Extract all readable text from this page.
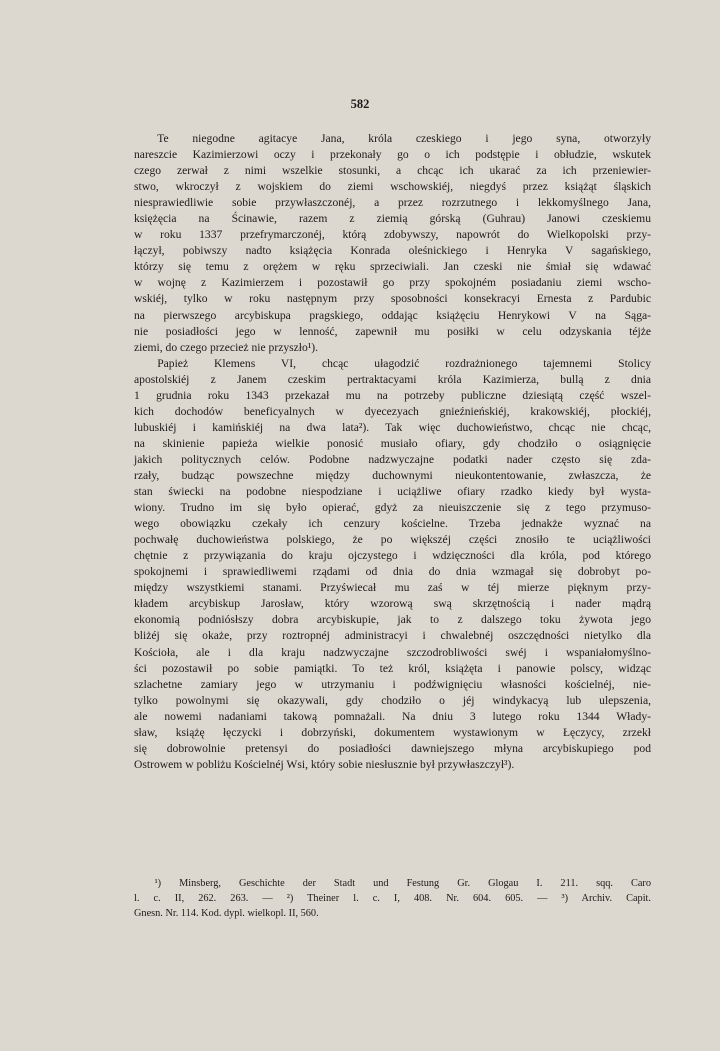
582
  Te niegodne agitacye Jana, króla czeskiego i jego syna, otworzyły
nareszcie Kazimierzowi oczy i przekonały go o ich podstępie i obłudzie, wskutek
czego zerwał z nimi wszelkie stosunki, a chcąc ich ukarać za ich przeniewier-
stwo, wkroczył z wojskiem do ziemi wschowskiéj, niegdyś przez książąt śląskich
niesprawiedliwie sobie przywłaszczonéj, a przez rozrzutnego i lekkomyślnego Jana,
księżęcia na Ścinawie, razem z ziemią górską (Guhrau) Janowi czeskiemu
w roku 1337 przefrymarczonéj, którą zdobywszy, napowrót do Wielkopolski przy-
łączył, pobiwszy nadto książęcia Konrada oleśnickiego i Henryka V sagańskiego,
którzy się temu z orężem w ręku sprzeciwiali. Jan czeski nie śmiał się wdawać
w wojnę z Kazimierzem i pozostawił go przy spokojném posiadaniu ziemi wscho-
wskiéj, tylko w roku następnym przy sposobności konsekracyi Ernesta z Pardubic
na pierwszego arcybiskupa pragskiego, oddając książęciu Henrykowi V na Sąga-
nie posiadłości jego w lenność, zapewnił mu posiłki w celu odzyskania téjże
ziemi, do czego przecież nie przyszło¹).
  Papież Klemens VI, chcąc ułagodzić rozdrażnionego tajemnemi Stolicy
apostolskiéj z Janem czeskim pertraktacyami króla Kazimierza, bullą z dnia
1 grudnia roku 1343 przekazał mu na potrzeby publiczne dziesiątą część wszel-
kich dochodów beneficyalnych w dyecezyach gnieźnieńskiéj, krakowskiéj, płockiéj,
lubuskiéj i kamińskiéj na dwa lata²). Tak więc duchowieństwo, chcąc nie chcąc,
na skinienie papieża wielkie ponosić musiało ofiary, gdy chodziło o osiągnięcie
jakich politycznych celów. Podobne nadzwyczajne podatki nader często się zda-
rzały, budząc powszechne między duchownymi nieukontentowanie, zwłaszcza, że
stan świecki na podobne niespodziane i uciążliwe ofiary rzadko kiedy był wysta-
wiony. Trudno im się było opierać, gdyż za nieuiszczenie się z tego przymuso-
wego obowiązku czekały ich cenzury kościelne. Trzeba jednakże wyznać na
pochwałę duchowieństwa polskiego, że po większéj części znosiło te uciążliwości
chętnie z przywiązania do kraju ojczystego i wdzięczności dla króla, pod którego
spokojnemi i sprawiedliwemi rządami od dnia do dnia wzmagał się dobrobyt po-
między wszystkiemi stanami. Przyświecał mu zaś w téj mierze pięknym przy-
kładem arcybiskup Jarosław, który wzorową swą skrzętnością i nader mądrą
ekonomią podniósłszy dobra arcybiskupie, jak to z dalszego toku żywota jego
bliżéj się okaże, przy roztropnéj administracyi i chwalebnéj oszczędności nietylko dla
Kościoła, ale i dla kraju nadzwyczajne szczodrobliwości swéj i wspaniałomyślno-
ści pozostawił po sobie pamiątki. To też król, książęta i panowie polscy, widząc
szlachetne zamiary jego w utrzymaniu i podźwignięciu własności kościelnéj, nie-
tylko powolnymi się okazywali, gdy chodziło o jéj windykacyą lub ulepszenia,
ale nowemi nadaniami takową pomnażali. Na dniu 3 lutego roku 1344 Włady-
sław, książę łęczycki i dobrzyński, dokumentem wystawionym w Łęczycy, zrzekł
się dobrowolnie pretensyi do posiadłości dawniejszego młyna arcybiskupiego pod
Ostrowem w pobliżu Kościelnéj Wsi, który sobie niesłusznie był przywłaszczył³).
  ¹) Minsberg, Geschichte der Stadt und Festung Gr. Glogau I. 211. sqq. Caro
l. c. II, 262. 263. — ²) Theiner l. c. I, 408. Nr. 604. 605. — ³) Archiv. Capit.
Gnesn. Nr. 114. Kod. dypl. wielkopl. II, 560.
